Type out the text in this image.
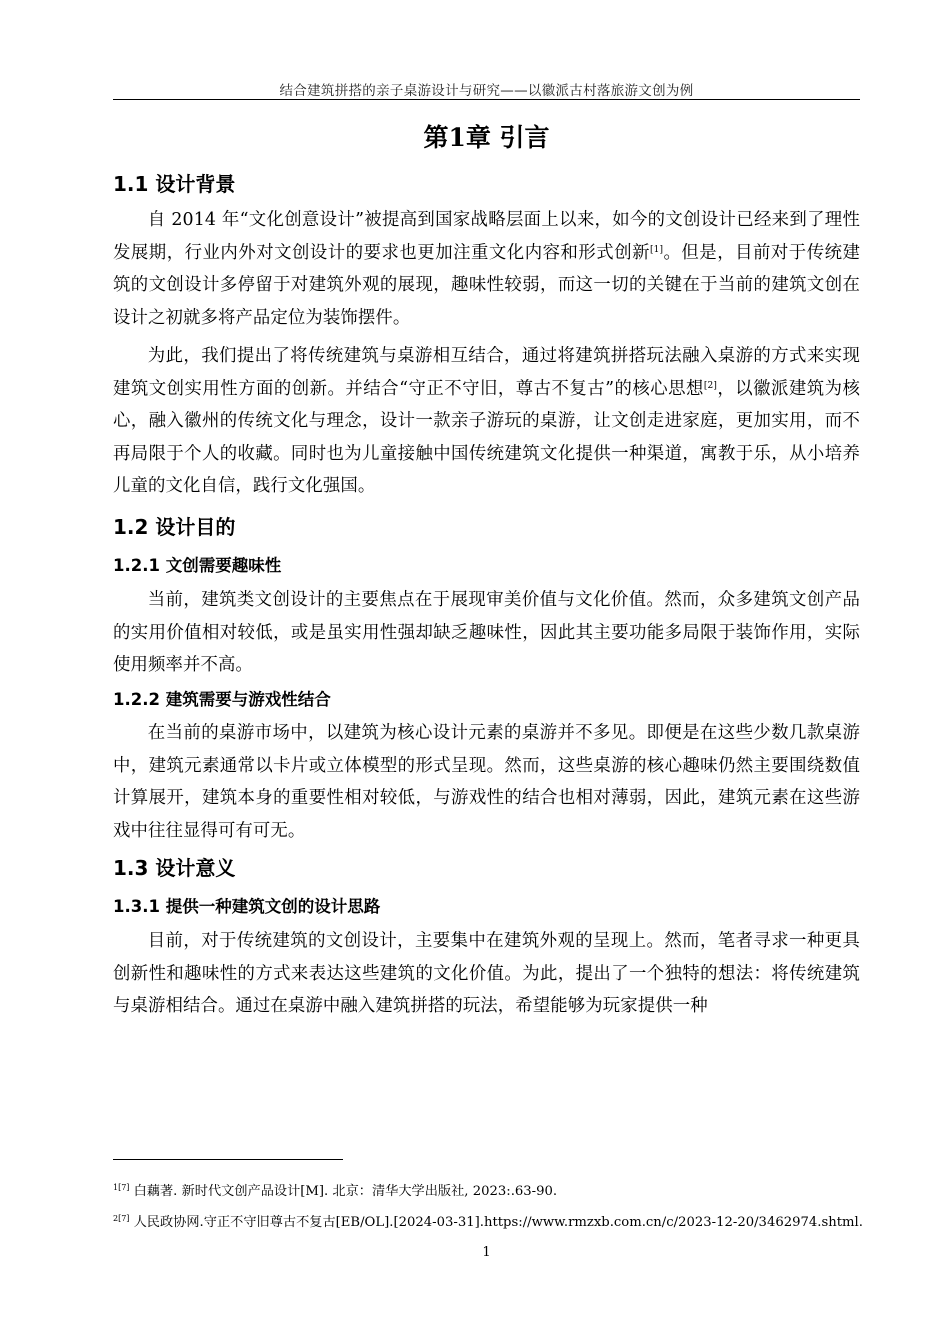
结合建筑拼搭的亲子桌游设计与研究——以徽派古村落旅游文创为例
第1章 引言
1.1 设计背景
自 2014 年“文化创意设计”被提高到国家战略层面上以来，如今的文创设计已经来到了理性发展期，行业内外对文创设计的要求也更加注重文化内容和形式创新[1]。但是，目前对于传统建筑的文创设计多停留于对建筑外观的展现，趣味性较弱，而这一切的关键在于当前的建筑文创在设计之初就多将产品定位为装饰摆件。
为此，我们提出了将传统建筑与桌游相互结合，通过将建筑拼搭玩法融入桌游的方式来实现建筑文创实用性方面的创新。并结合“守正不守旧，尊古不复古”的核心思想[2]，以徽派建筑为核心，融入徽州的传统文化与理念，设计一款亲子游玩的桌游，让文创走进家庭，更加实用，而不再局限于个人的收藏。同时也为儿童接触中国传统建筑文化提供一种渠道，寓教于乐，从小培养儿童的文化自信，践行文化强国。
1.2 设计目的
1.2.1 文创需要趣味性
当前，建筑类文创设计的主要焦点在于展现审美价值与文化价值。然而，众多建筑文创产品的实用价值相对较低，或是虽实用性强却缺乏趣味性，因此其主要功能多局限于装饰作用，实际使用频率并不高。
1.2.2 建筑需要与游戏性结合
在当前的桌游市场中，以建筑为核心设计元素的桌游并不多见。即便是在这些少数几款桌游中，建筑元素通常以卡片或立体模型的形式呈现。然而，这些桌游的核心趣味仍然主要围绕数值计算展开，建筑本身的重要性相对较低，与游戏性的结合也相对薄弱，因此，建筑元素在这些游戏中往往显得可有可无。
1.3 设计意义
1.3.1 提供一种建筑文创的设计思路
目前，对于传统建筑的文创设计，主要集中在建筑外观的呈现上。然而，笔者寻求一种更具创新性和趣味性的方式来表达这些建筑的文化价值。为此，提出了一个独特的想法：将传统建筑与桌游相结合。通过在桌游中融入建筑拼搭的玩法，希望能够为玩家提供一种
$^{1[7]}$ 白藕著. 新时代文创产品设计[M]. 北京：清华大学出版社, 2023:.63-90.
$^{2[7]}$ 人民政协网.守正不守旧尊古不复古[EB/OL].[2024-03-31].https://www.rmzxb.com.cn/c/2023-12-20/3462974.shtml.
1
